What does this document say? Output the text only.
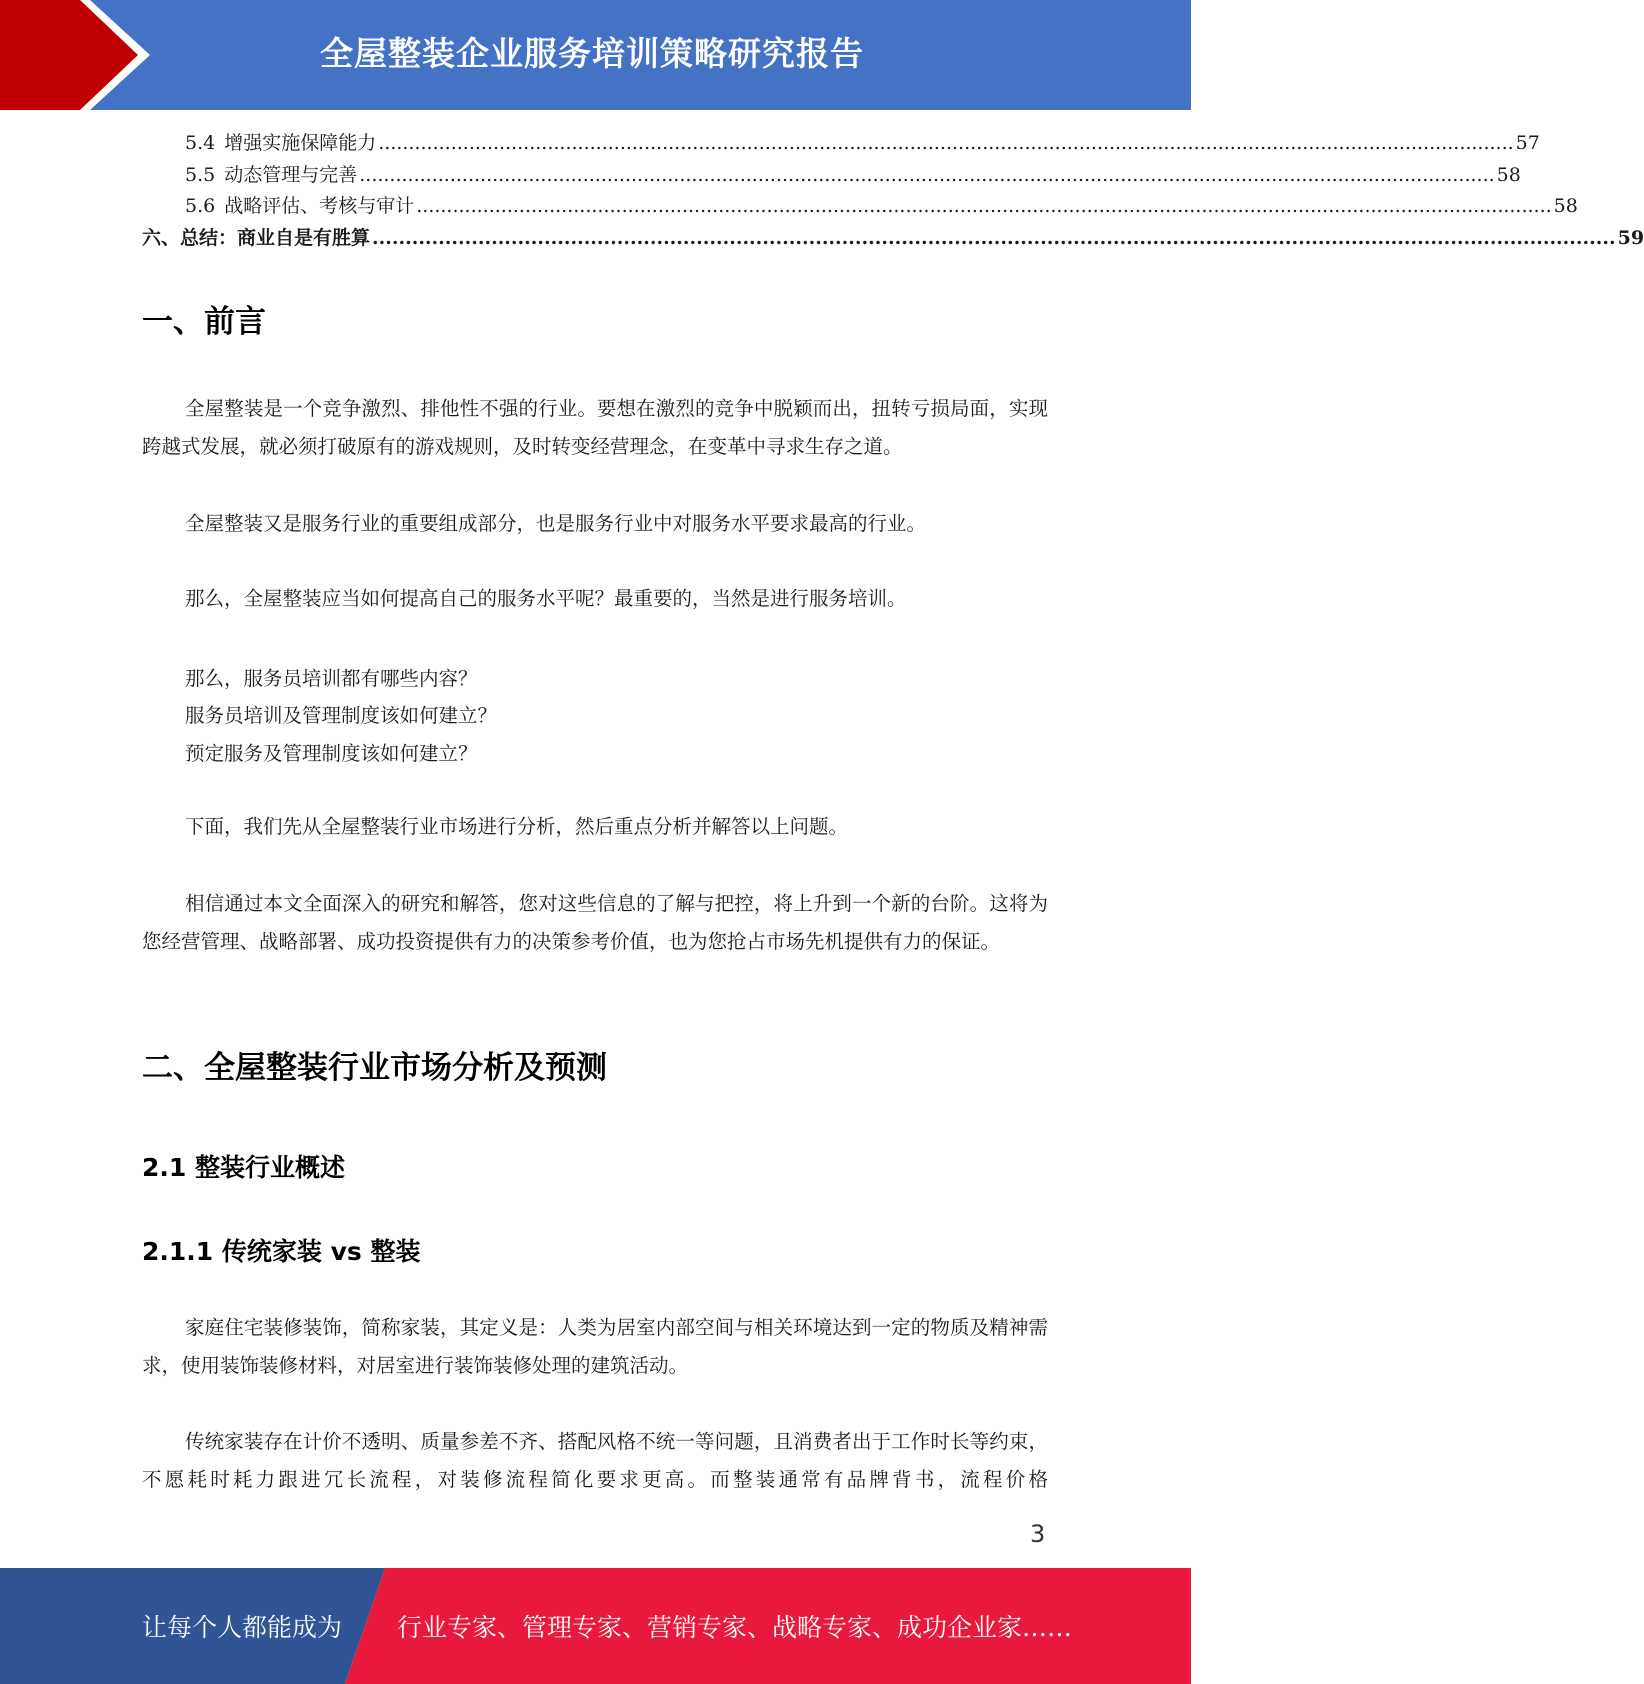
全屋整装企业服务培训策略研究报告
5.4 增强实施保障能力 ............................................................................................................................................................................................ 57
5.5 动态管理与完善 ............................................................................................................................................................................................ 58
5.6 战略评估、考核与审计 ............................................................................................................................................................................................ 58
六、总结：商业自是有胜算 ............................................................................................................................................................................................ 59
一、前言

全屋整装是一个竞争激烈、排他性不强的行业。要想在激烈的竞争中脱颖而出，扭转亏损局面，实现跨越式发展，就必须打破原有的游戏规则，及时转变经营理念，在变革中寻求生存之道。

全屋整装又是服务行业的重要组成部分，也是服务行业中对服务水平要求最高的行业。

那么，全屋整装应当如何提高自己的服务水平呢？最重要的，当然是进行服务培训。

那么，服务员培训都有哪些内容？
服务员培训及管理制度该如何建立？
预定服务及管理制度该如何建立？

下面，我们先从全屋整装行业市场进行分析，然后重点分析并解答以上问题。

相信通过本文全面深入的研究和解答，您对这些信息的了解与把控，将上升到一个新的台阶。这将为您经营管理、战略部署、成功投资提供有力的决策参考价值，也为您抢占市场先机提供有力的保证。

二、全屋整装行业市场分析及预测
2.1 整装行业概述
2.1.1 传统家装 vs 整装

家庭住宅装修装饰，简称家装，其定义是：人类为居室内部空间与相关环境达到一定的物质及精神需求，使用装饰装修材料，对居室进行装饰装修处理的建筑活动。

传统家装存在计价不透明、质量参差不齐、搭配风格不统一等问题，且消费者出于工作时长等约束，不愿耗时耗力跟进冗长流程，对装修流程简化要求更高。而整装通常有品牌背书，流程价格

3
让每个人都能成为 行业专家、管理专家、营销专家、战略专家、成功企业家……
